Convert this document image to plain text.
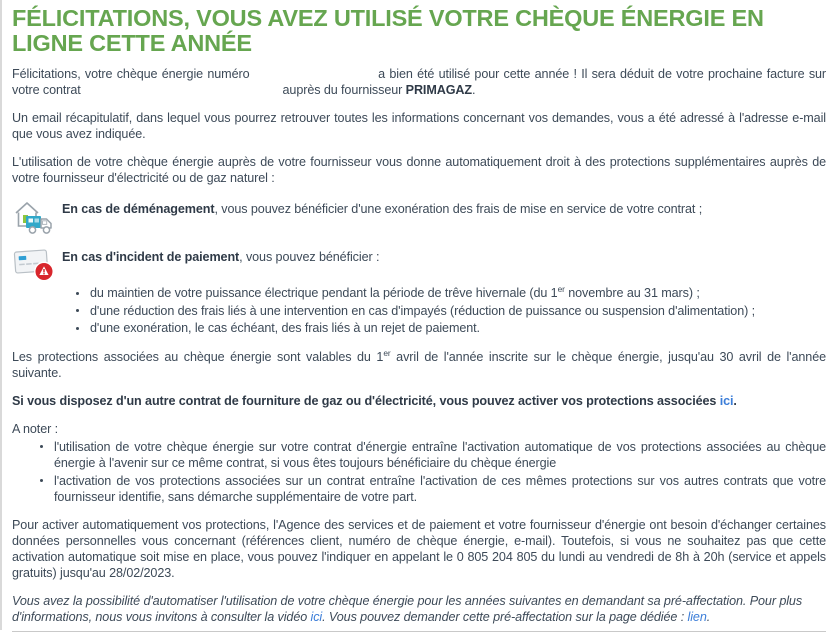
FÉLICITATIONS, VOUS AVEZ UTILISÉ VOTRE CHÈQUE ÉNERGIE EN LIGNE CETTE ANNÉE

Félicitations, votre chèque énergie numéro	a bien été utilisé pour cette année ! Il sera déduit de votre prochaine facture sur votre contrat	auprès du fournisseur PRIMAGAZ.

Un email récapitulatif, dans lequel vous pourrez retrouver toutes les informations concernant vos demandes, vous a été adressé à l'adresse e-mail que vous avez indiquée.

L'utilisation de votre chèque énergie auprès de votre fournisseur vous donne automatiquement droit à des protections supplémentaires auprès de votre fournisseur d'électricité ou de gaz naturel :

En cas de déménagement, vous pouvez bénéficier d'une exonération des frais de mise en service de votre contrat ;
En cas d'incident de paiement, vous pouvez bénéficier :
du maintien de votre puissance électrique pendant la période de trêve hivernale (du 1er novembre au 31 mars) ;
d'une réduction des frais liés à une intervention en cas d'impayés (réduction de puissance ou suspension d'alimentation) ;
d'une exonération, le cas échéant, des frais liés à un rejet de paiement.

Les protections associées au chèque énergie sont valables du 1er avril de l'année inscrite sur le chèque énergie, jusqu'au 30 avril de l'année suivante.

Si vous disposez d'un autre contrat de fourniture de gaz ou d'électricité, vous pouvez activer vos protections associées ici.

A noter :

l'utilisation de votre chèque énergie sur votre contrat d'énergie entraîne l'activation automatique de vos protections associées au chèque énergie à l'avenir sur ce même contrat, si vous êtes toujours bénéficiaire du chèque énergie
l'activation de vos protections associées sur un contrat entraîne l'activation de ces mêmes protections sur vos autres contrats que votre fournisseur identifie, sans démarche supplémentaire de votre part.

Pour activer automatiquement vos protections, l'Agence des services et de paiement et votre fournisseur d'énergie ont besoin d'échanger certaines données personnelles vous concernant (références client, numéro de chèque énergie, e-mail). Toutefois, si vous ne souhaitez pas que cette activation automatique soit mise en place, vous pouvez l'indiquer en appelant le 0 805 204 805 du lundi au vendredi de 8h à 20h (service et appels gratuits) jusqu'au 28/02/2023.

Vous avez la possibilité d'automatiser l'utilisation de votre chèque énergie pour les années suivantes en demandant sa pré-affectation. Pour plus d'informations, nous vous invitons à consulter la vidéo ici. Vous pouvez demander cette pré-affectation sur la page dédiée : lien.
